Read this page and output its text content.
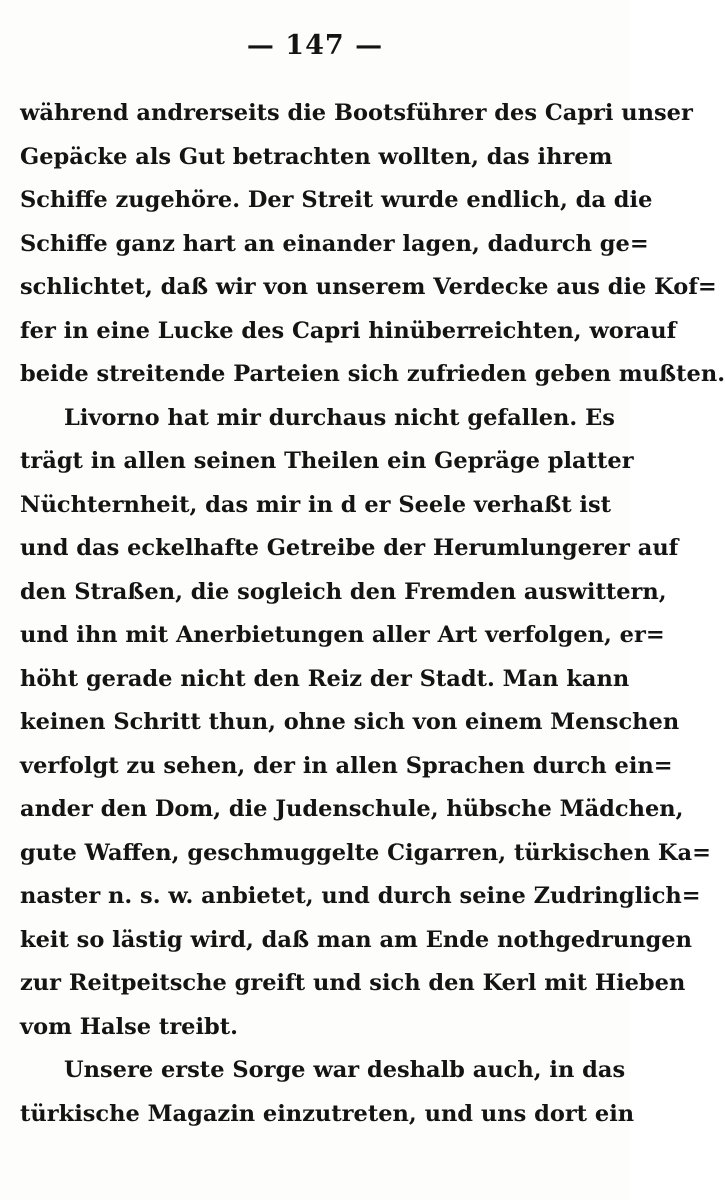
— 147 —
während andrerseits die Bootsführer des Capri unser
Gepäcke als Gut betrachten wollten, das ihrem
Schiffe zugehöre. Der Streit wurde endlich, da die
Schiffe ganz hart an einander lagen, dadurch ge=
schlichtet, daß wir von unserem Verdecke aus die Kof=
fer in eine Lucke des Capri hinüberreichten, worauf
beide streitende Parteien sich zufrieden geben mußten.
Livorno hat mir durchaus nicht gefallen. Es
trägt in allen seinen Theilen ein Gepräge platter
Nüchternheit, das mir in d er Seele verhaßt ist
und das eckelhafte Getreibe der Herumlungerer auf
den Straßen, die sogleich den Fremden auswittern,
und ihn mit Anerbietungen aller Art verfolgen, er=
höht gerade nicht den Reiz der Stadt. Man kann
keinen Schritt thun, ohne sich von einem Menschen
verfolgt zu sehen, der in allen Sprachen durch ein=
ander den Dom, die Judenschule, hübsche Mädchen,
gute Waffen, geschmuggelte Cigarren, türkischen Ka=
naster n. s. w. anbietet, und durch seine Zudringlich=
keit so lästig wird, daß man am Ende nothgedrungen
zur Reitpeitsche greift und sich den Kerl mit Hieben
vom Halse treibt.
Unsere erste Sorge war deshalb auch, in das
türkische Magazin einzutreten, und uns dort ein
